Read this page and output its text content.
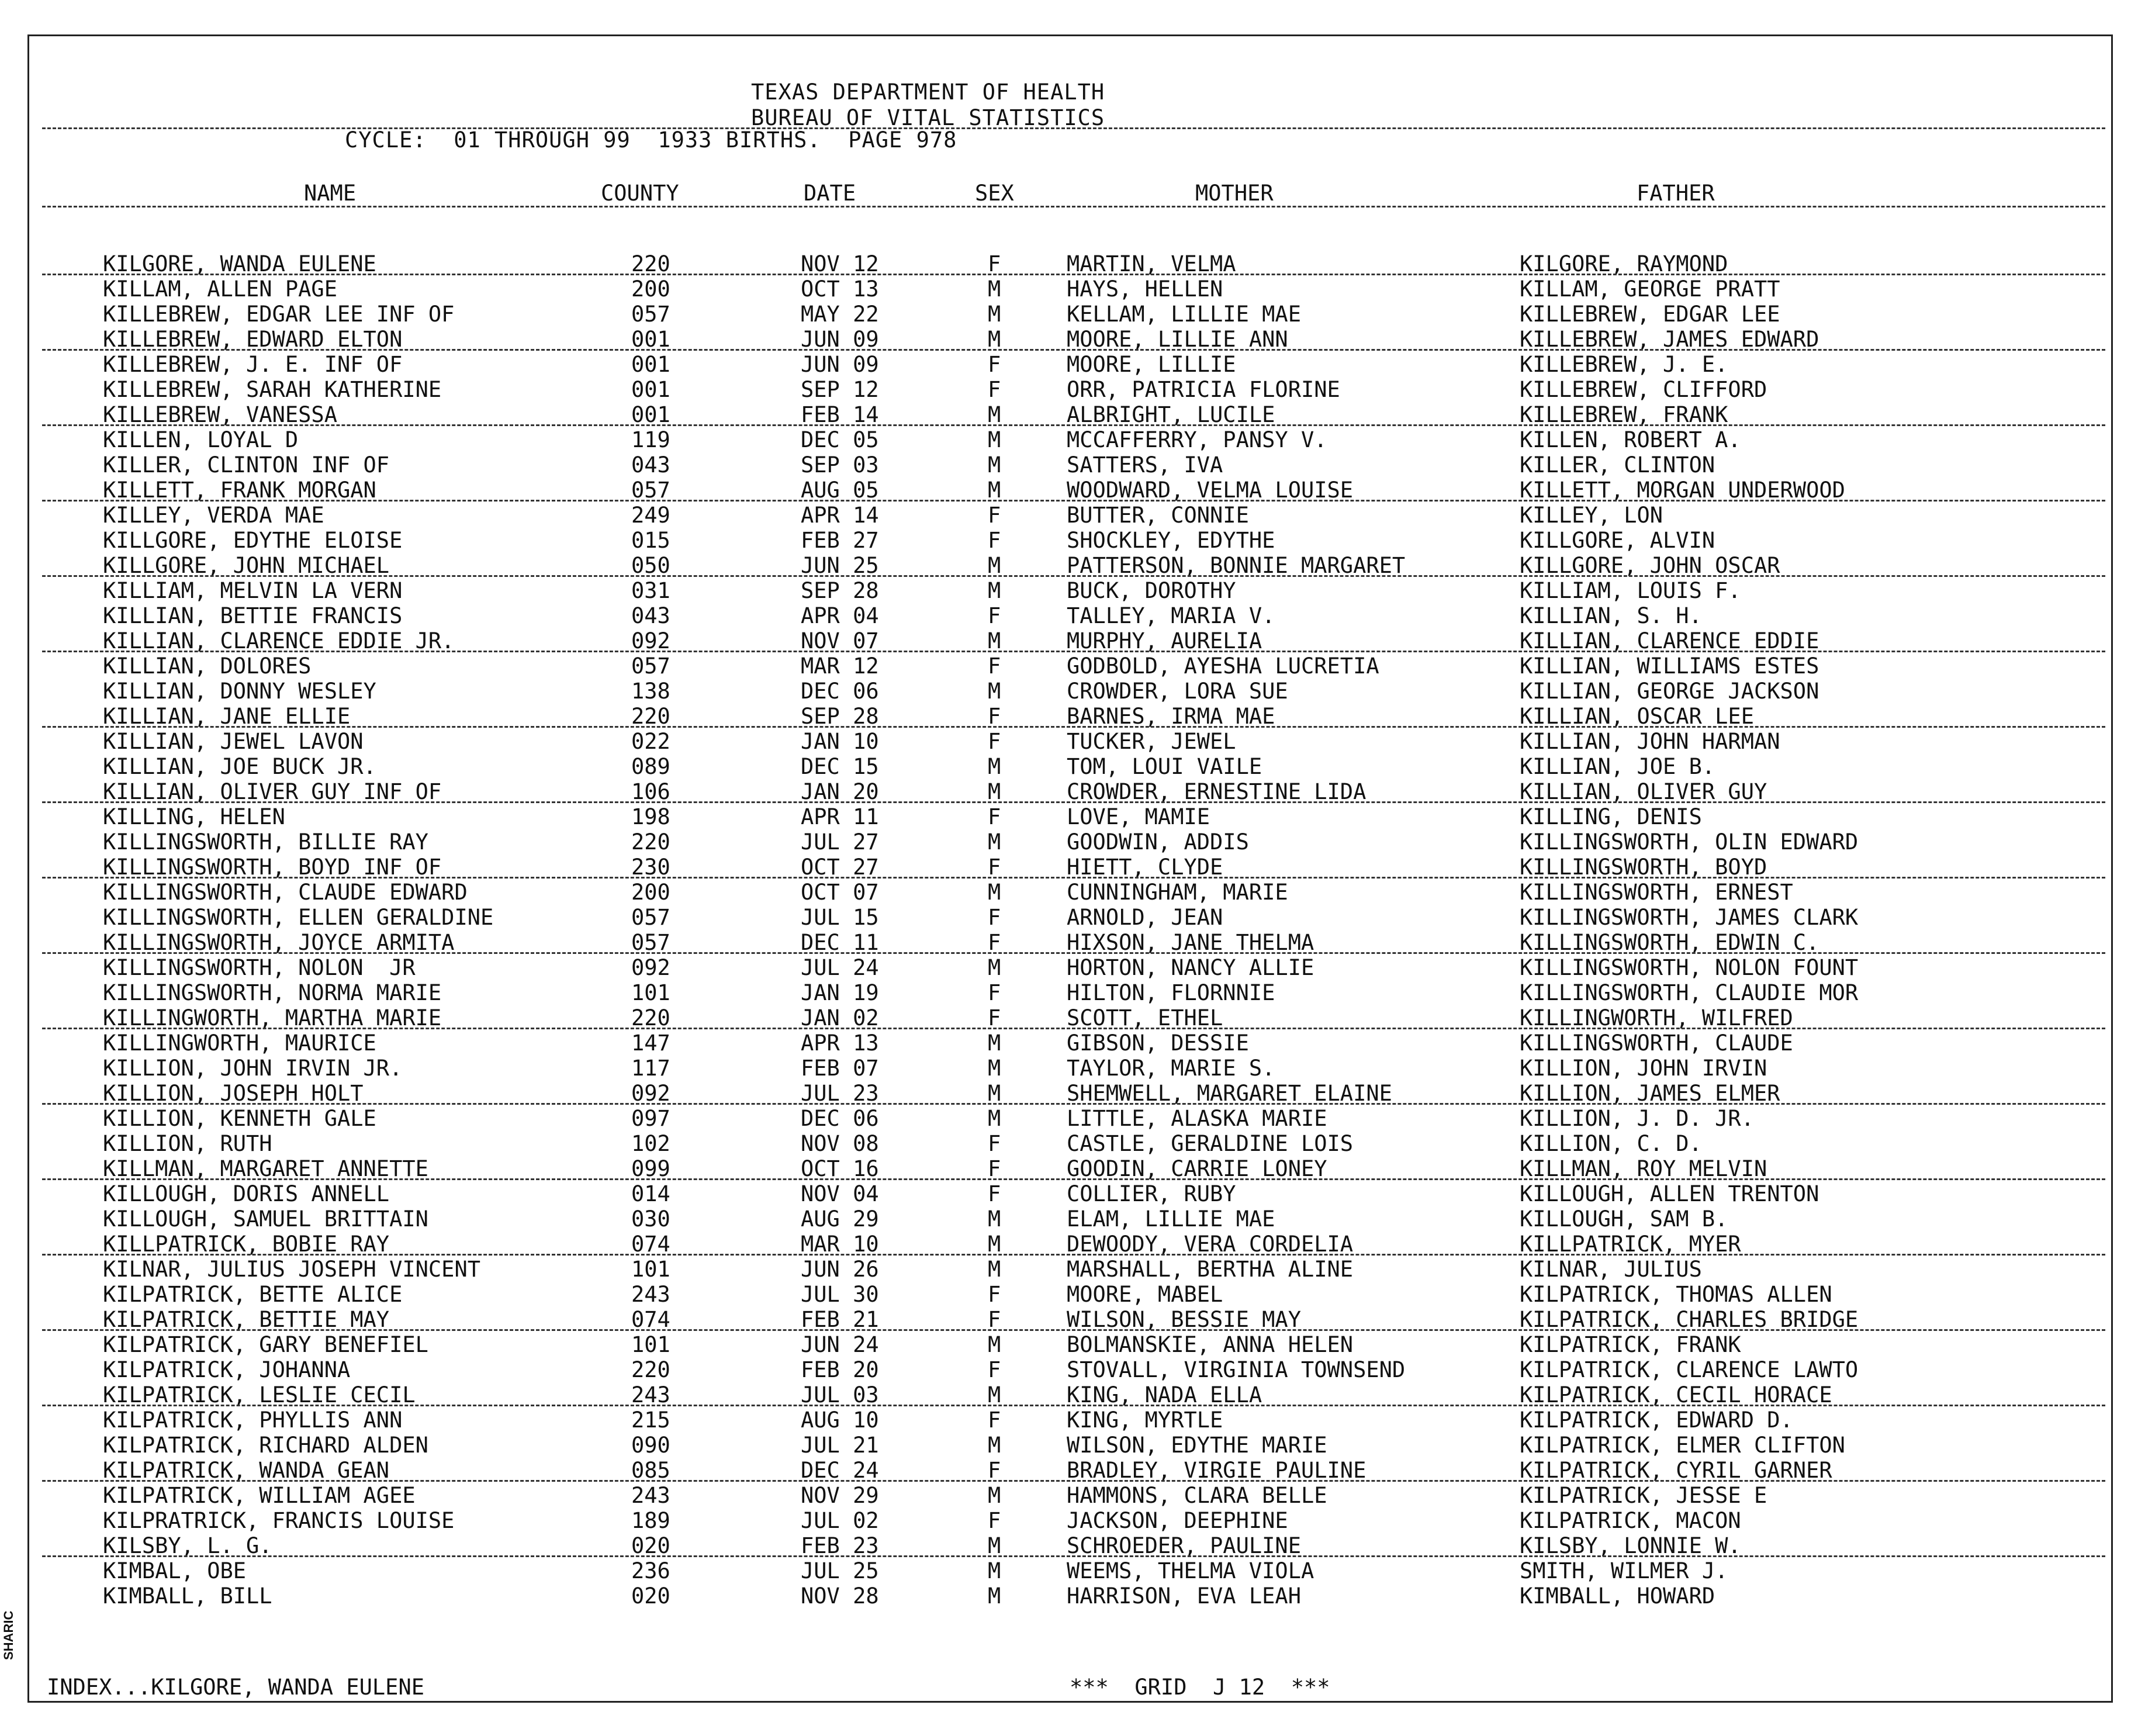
TEXAS DEPARTMENT OF HEALTH
BUREAU OF VITAL STATISTICS
CYCLE:  01 THROUGH 99  1933 BIRTHS.  PAGE 978
NAME	COUNTY	DATE	SEX	MOTHER	FATHER
KILGORE, WANDA EULENE	220	NOV 12	F	MARTIN, VELMA	KILGORE, RAYMOND
KILLAM, ALLEN PAGE	200	OCT 13	M	HAYS, HELLEN	KILLAM, GEORGE PRATT
KILLEBREW, EDGAR LEE INF OF	057	MAY 22	M	KELLAM, LILLIE MAE	KILLEBREW, EDGAR LEE
KILLEBREW, EDWARD ELTON	001	JUN 09	M	MOORE, LILLIE ANN	KILLEBREW, JAMES EDWARD
KILLEBREW, J. E. INF OF	001	JUN 09	F	MOORE, LILLIE	KILLEBREW, J. E.
KILLEBREW, SARAH KATHERINE	001	SEP 12	F	ORR, PATRICIA FLORINE	KILLEBREW, CLIFFORD
KILLEBREW, VANESSA	001	FEB 14	M	ALBRIGHT, LUCILE	KILLEBREW, FRANK
KILLEN, LOYAL D	119	DEC 05	M	MCCAFFERRY, PANSY V.	KILLEN, ROBERT A.
KILLER, CLINTON INF OF	043	SEP 03	M	SATTERS, IVA	KILLER, CLINTON
KILLETT, FRANK MORGAN	057	AUG 05	M	WOODWARD, VELMA LOUISE	KILLETT, MORGAN UNDERWOOD
KILLEY, VERDA MAE	249	APR 14	F	BUTTER, CONNIE	KILLEY, LON
KILLGORE, EDYTHE ELOISE	015	FEB 27	F	SHOCKLEY, EDYTHE	KILLGORE, ALVIN
KILLGORE, JOHN MICHAEL	050	JUN 25	M	PATTERSON, BONNIE MARGARET	KILLGORE, JOHN OSCAR
KILLIAM, MELVIN LA VERN	031	SEP 28	M	BUCK, DOROTHY	KILLIAM, LOUIS F.
KILLIAN, BETTIE FRANCIS	043	APR 04	F	TALLEY, MARIA V.	KILLIAN, S. H.
KILLIAN, CLARENCE EDDIE JR.	092	NOV 07	M	MURPHY, AURELIA	KILLIAN, CLARENCE EDDIE
KILLIAN, DOLORES	057	MAR 12	F	GODBOLD, AYESHA LUCRETIA	KILLIAN, WILLIAMS ESTES
KILLIAN, DONNY WESLEY	138	DEC 06	M	CROWDER, LORA SUE	KILLIAN, GEORGE JACKSON
KILLIAN, JANE ELLIE	220	SEP 28	F	BARNES, IRMA MAE	KILLIAN, OSCAR LEE
KILLIAN, JEWEL LAVON	022	JAN 10	F	TUCKER, JEWEL	KILLIAN, JOHN HARMAN
KILLIAN, JOE BUCK JR.	089	DEC 15	M	TOM, LOUI VAILE	KILLIAN, JOE B.
KILLIAN, OLIVER GUY INF OF	106	JAN 20	M	CROWDER, ERNESTINE LIDA	KILLIAN, OLIVER GUY
KILLING, HELEN	198	APR 11	F	LOVE, MAMIE	KILLING, DENIS
KILLINGSWORTH, BILLIE RAY	220	JUL 27	M	GOODWIN, ADDIS	KILLINGSWORTH, OLIN EDWARD
KILLINGSWORTH, BOYD INF OF	230	OCT 27	F	HIETT, CLYDE	KILLINGSWORTH, BOYD
KILLINGSWORTH, CLAUDE EDWARD	200	OCT 07	M	CUNNINGHAM, MARIE	KILLINGSWORTH, ERNEST
KILLINGSWORTH, ELLEN GERALDINE	057	JUL 15	F	ARNOLD, JEAN	KILLINGSWORTH, JAMES CLARK
KILLINGSWORTH, JOYCE ARMITA	057	DEC 11	F	HIXSON, JANE THELMA	KILLINGSWORTH, EDWIN C.
KILLINGSWORTH, NOLON  JR	092	JUL 24	M	HORTON, NANCY ALLIE	KILLINGSWORTH, NOLON FOUNT
KILLINGSWORTH, NORMA MARIE	101	JAN 19	F	HILTON, FLORNNIE	KILLINGSWORTH, CLAUDIE MOR
KILLINGWORTH, MARTHA MARIE	220	JAN 02	F	SCOTT, ETHEL	KILLINGWORTH, WILFRED
KILLINGWORTH, MAURICE	147	APR 13	M	GIBSON, DESSIE	KILLINGSWORTH, CLAUDE
KILLION, JOHN IRVIN JR.	117	FEB 07	M	TAYLOR, MARIE S.	KILLION, JOHN IRVIN
KILLION, JOSEPH HOLT	092	JUL 23	M	SHEMWELL, MARGARET ELAINE	KILLION, JAMES ELMER
KILLION, KENNETH GALE	097	DEC 06	M	LITTLE, ALASKA MARIE	KILLION, J. D. JR.
KILLION, RUTH	102	NOV 08	F	CASTLE, GERALDINE LOIS	KILLION, C. D.
KILLMAN, MARGARET ANNETTE	099	OCT 16	F	GOODIN, CARRIE LONEY	KILLMAN, ROY MELVIN
KILLOUGH, DORIS ANNELL	014	NOV 04	F	COLLIER, RUBY	KILLOUGH, ALLEN TRENTON
KILLOUGH, SAMUEL BRITTAIN	030	AUG 29	M	ELAM, LILLIE MAE	KILLOUGH, SAM B.
KILLPATRICK, BOBIE RAY	074	MAR 10	M	DEWOODY, VERA CORDELIA	KILLPATRICK, MYER
KILNAR, JULIUS JOSEPH VINCENT	101	JUN 26	M	MARSHALL, BERTHA ALINE	KILNAR, JULIUS
KILPATRICK, BETTE ALICE	243	JUL 30	F	MOORE, MABEL	KILPATRICK, THOMAS ALLEN
KILPATRICK, BETTIE MAY	074	FEB 21	F	WILSON, BESSIE MAY	KILPATRICK, CHARLES BRIDGE
KILPATRICK, GARY BENEFIEL	101	JUN 24	M	BOLMANSKIE, ANNA HELEN	KILPATRICK, FRANK
KILPATRICK, JOHANNA	220	FEB 20	F	STOVALL, VIRGINIA TOWNSEND	KILPATRICK, CLARENCE LAWTO
KILPATRICK, LESLIE CECIL	243	JUL 03	M	KING, NADA ELLA	KILPATRICK, CECIL HORACE
KILPATRICK, PHYLLIS ANN	215	AUG 10	F	KING, MYRTLE	KILPATRICK, EDWARD D.
KILPATRICK, RICHARD ALDEN	090	JUL 21	M	WILSON, EDYTHE MARIE	KILPATRICK, ELMER CLIFTON
KILPATRICK, WANDA GEAN	085	DEC 24	F	BRADLEY, VIRGIE PAULINE	KILPATRICK, CYRIL GARNER
KILPATRICK, WILLIAM AGEE	243	NOV 29	M	HAMMONS, CLARA BELLE	KILPATRICK, JESSE E
KILPRATRICK, FRANCIS LOUISE	189	JUL 02	F	JACKSON, DEEPHINE	KILPATRICK, MACON
KILSBY, L. G.	020	FEB 23	M	SCHROEDER, PAULINE	KILSBY, LONNIE W.
KIMBAL, OBE	236	JUL 25	M	WEEMS, THELMA VIOLA	SMITH, WILMER J.
KIMBALL, BILL	020	NOV 28	M	HARRISON, EVA LEAH	KIMBALL, HOWARD
INDEX...KILGORE, WANDA EULENE	***  GRID  J 12  ***
SHARIC
